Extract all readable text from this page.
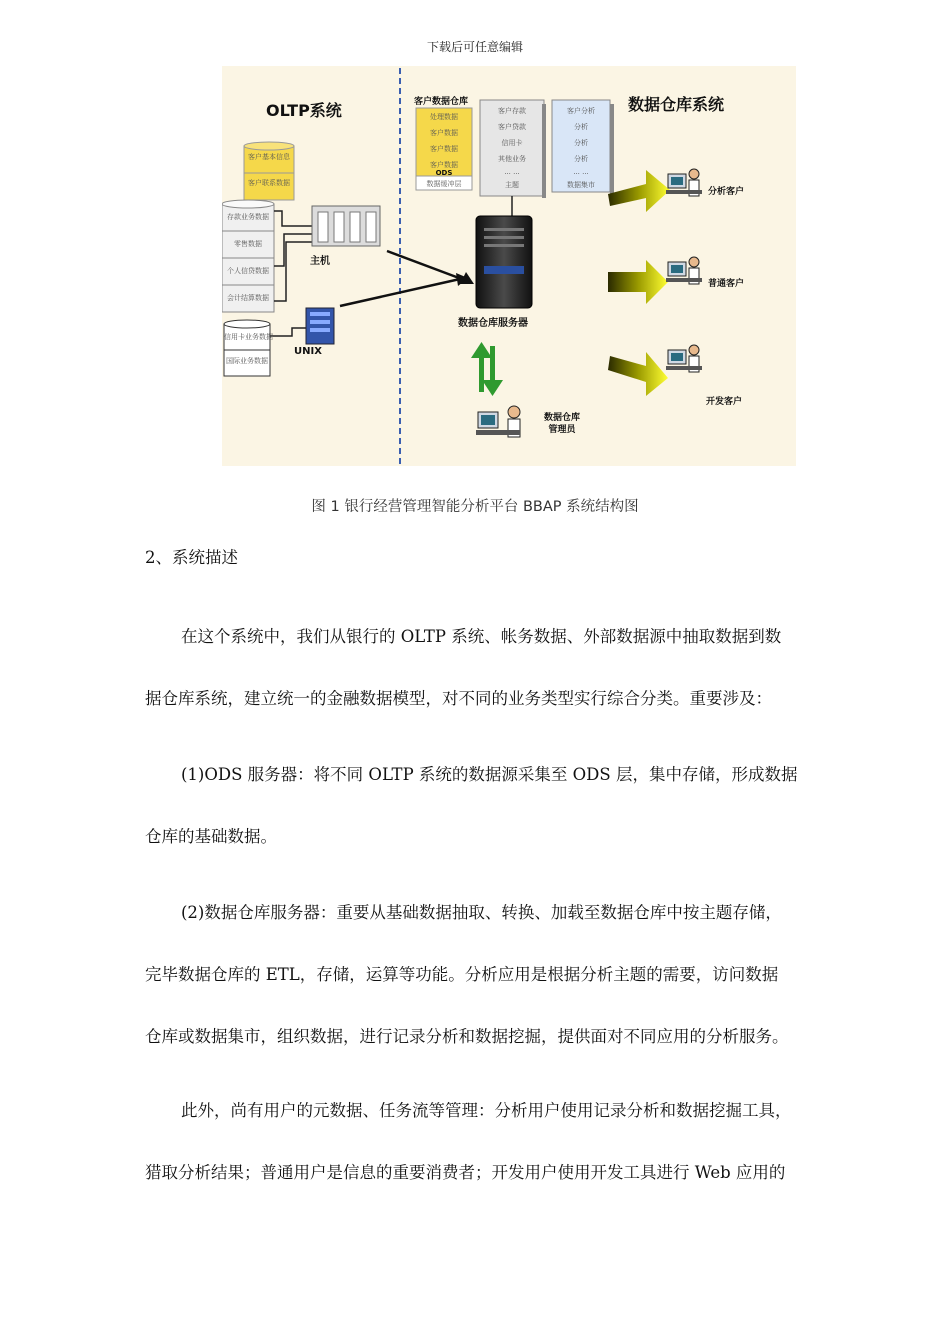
下载后可任意编辑
客户基本信息
客户联系数据
存款业务数据
零售数据
个人信贷数据
会计结算数据
信用卡业务数据
国际业务数据
处理数据
客户数据
客户数据
客户数据
ODS
数据缓冲层
客户存款
客户贷款
信用卡
其他业务
... ...
主题
客户分析
分析
分析
分析
... ...
数据集市
OLTP系统	数据仓库系统
客户数据仓库
主机
UNIX
数据仓库服务器
分析客户
普通客户
开发客户
数据仓库
管理员
图 1 银行经营管理智能分析平台 BBAP 系统结构图
2、系统描述
在这个系统中，我们从银行的 OLTP 系统、帐务数据、外部数据源中抽取数据到数
据仓库系统，建立统一的金融数据模型，对不同的业务类型实行综合分类。重要涉及：
(1)ODS 服务器：将不同 OLTP 系统的数据源采集至 ODS 层，集中存储，形成数据
仓库的基础数据。
(2)数据仓库服务器：重要从基础数据抽取、转换、加载至数据仓库中按主题存储，
完毕数据仓库的 ETL，存储，运算等功能。分析应用是根据分析主题的需要，访问数据
仓库或数据集市，组织数据，进行记录分析和数据挖掘，提供面对不同应用的分析服务。
此外，尚有用户的元数据、任务流等管理：分析用户使用记录分析和数据挖掘工具，
猎取分析结果；普通用户是信息的重要消费者；开发用户使用开发工具进行 Web 应用的
